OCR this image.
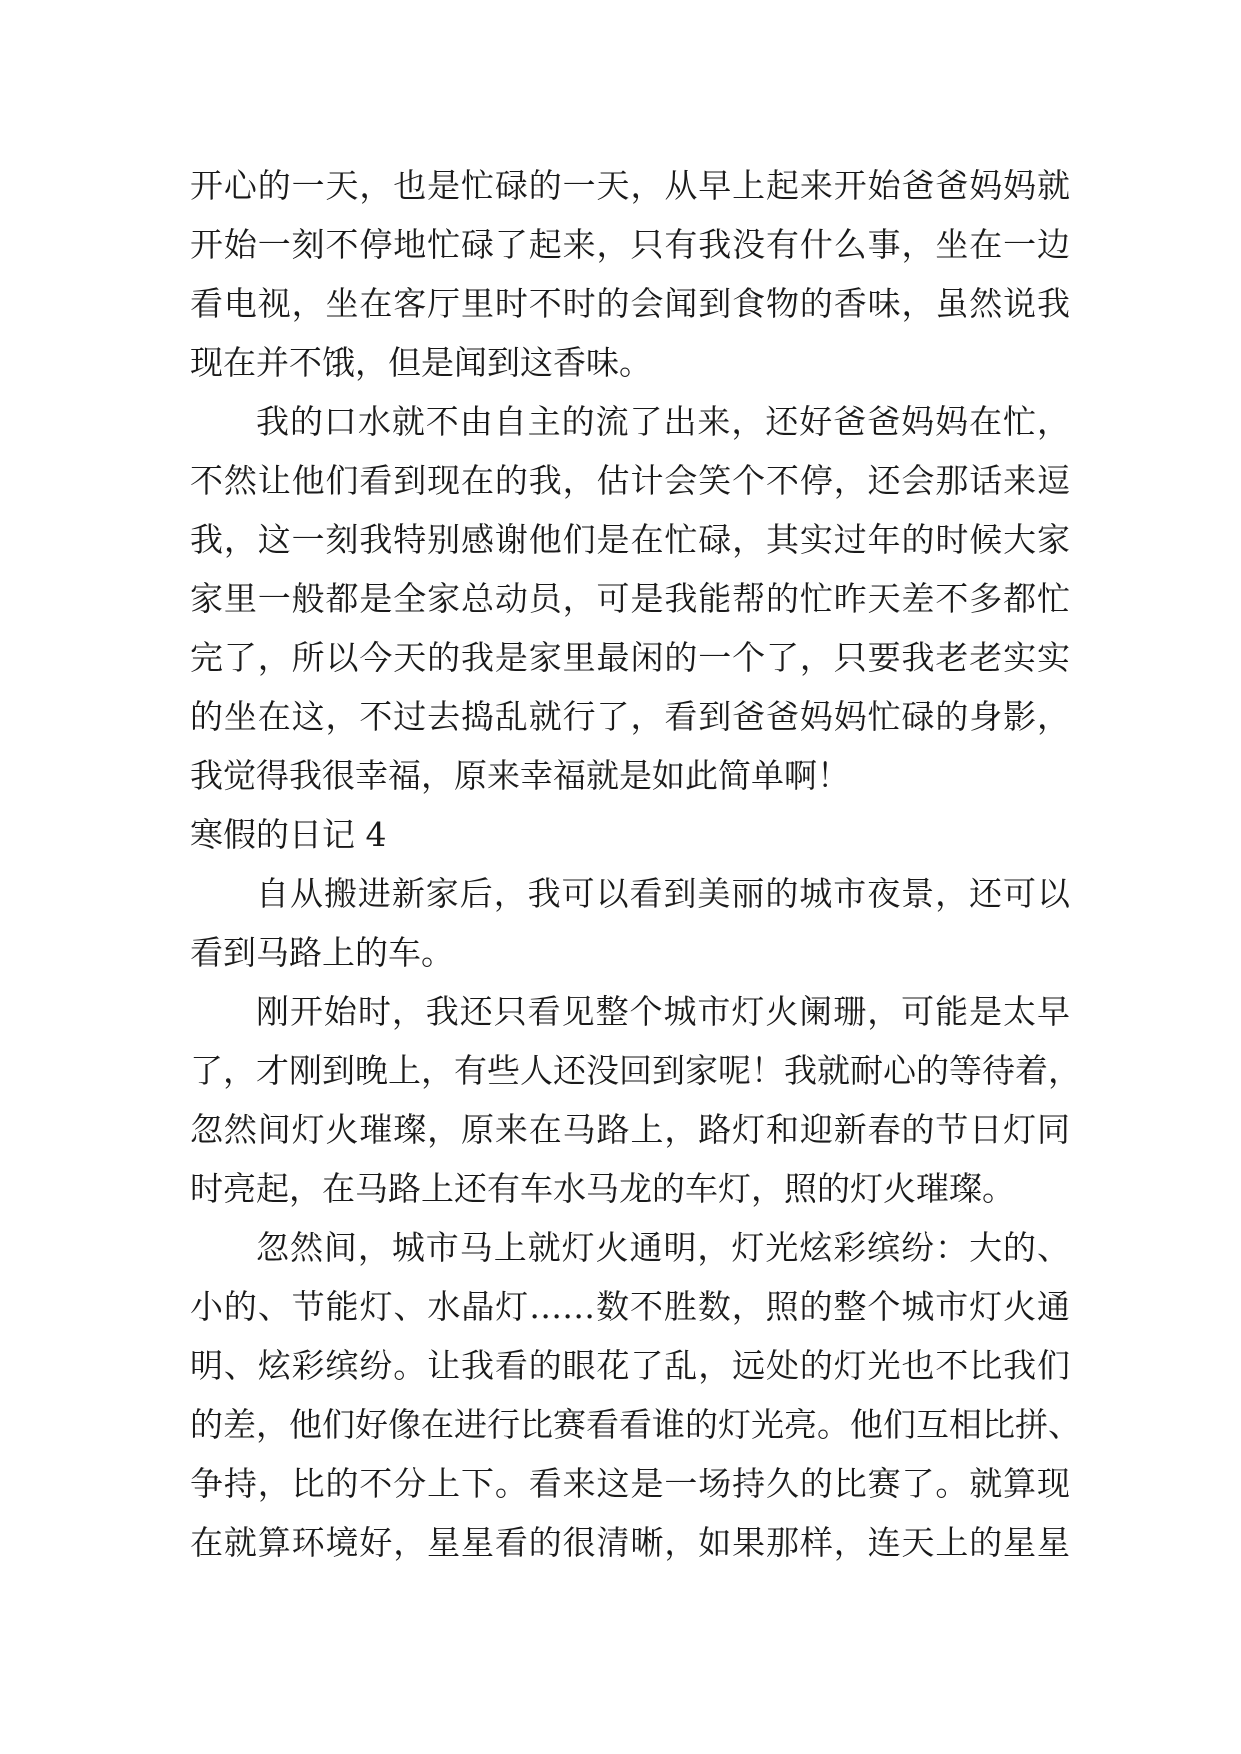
开心的一天，也是忙碌的一天，从早上起来开始爸爸妈妈就
开始一刻不停地忙碌了起来，只有我没有什么事，坐在一边
看电视，坐在客厅里时不时的会闻到食物的香味，虽然说我
现在并不饿，但是闻到这香味。
我的口水就不由自主的流了出来，还好爸爸妈妈在忙，
不然让他们看到现在的我，估计会笑个不停，还会那话来逗
我，这一刻我特别感谢他们是在忙碌，其实过年的时候大家
家里一般都是全家总动员，可是我能帮的忙昨天差不多都忙
完了，所以今天的我是家里最闲的一个了，只要我老老实实
的坐在这，不过去捣乱就行了，看到爸爸妈妈忙碌的身影，
我觉得我很幸福，原来幸福就是如此简单啊！
寒假的日记 4
自从搬进新家后，我可以看到美丽的城市夜景，还可以
看到马路上的车。
刚开始时，我还只看见整个城市灯火阑珊，可能是太早
了，才刚到晚上，有些人还没回到家呢！我就耐心的等待着，
忽然间灯火璀璨，原来在马路上，路灯和迎新春的节日灯同
时亮起，在马路上还有车水马龙的车灯，照的灯火璀璨。
忽然间，城市马上就灯火通明，灯光炫彩缤纷：大的、
小的、节能灯、水晶灯……数不胜数，照的整个城市灯火通
明、炫彩缤纷。让我看的眼花了乱，远处的灯光也不比我们
的差，他们好像在进行比赛看看谁的灯光亮。他们互相比拼、
争持，比的不分上下。看来这是一场持久的比赛了。就算现
在就算环境好，星星看的很清晰，如果那样，连天上的星星
